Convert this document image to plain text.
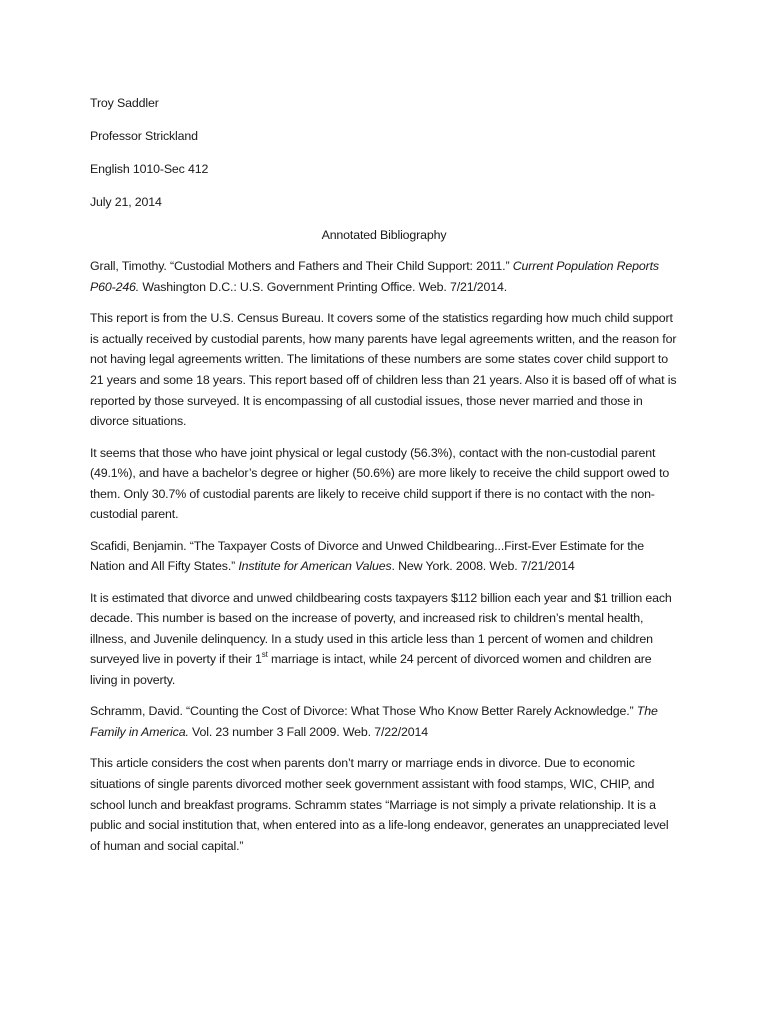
Troy Saddler

Professor Strickland

English 1010-Sec 412

July 21, 2014

Annotated Bibliography

Grall, Timothy. “Custodial Mothers and Fathers and Their Child Support: 2011.” Current Population Reports P60-246. Washington D.C.: U.S. Government Printing Office. Web. 7/21/2014.

This report is from the U.S. Census Bureau. It covers some of the statistics regarding how much child support is actually received by custodial parents, how many parents have legal agreements written, and the reason for not having legal agreements written. The limitations of these numbers are some states cover child support to 21 years and some 18 years. This report based off of children less than 21 years. Also it is based off of what is reported by those surveyed. It is encompassing of all custodial issues, those never married and those in divorce situations.

It seems that those who have joint physical or legal custody (56.3%), contact with the non-custodial parent (49.1%), and have a bachelor’s degree or higher (50.6%) are more likely to receive the child support owed to them. Only 30.7% of custodial parents are likely to receive child support if there is no contact with the non-custodial parent.

Scafidi, Benjamin. “The Taxpayer Costs of Divorce and Unwed Childbearing...First-Ever Estimate for the Nation and All Fifty States.” Institute for American Values. New York. 2008. Web. 7/21/2014

It is estimated that divorce and unwed childbearing costs taxpayers $112 billion each year and $1 trillion each decade. This number is based on the increase of poverty, and increased risk to children’s mental health, illness, and Juvenile delinquency. In a study used in this article less than 1 percent of women and children surveyed live in poverty if their 1st marriage is intact, while 24 percent of divorced women and children are living in poverty.

Schramm, David. “Counting the Cost of Divorce: What Those Who Know Better Rarely Acknowledge.” The Family in America. Vol. 23 number 3 Fall 2009. Web. 7/22/2014

This article considers the cost when parents don’t marry or marriage ends in divorce. Due to economic situations of single parents divorced mother seek government assistant with food stamps, WIC, CHIP, and school lunch and breakfast programs. Schramm states “Marriage is not simply a private relationship. It is a public and social institution that, when entered into as a life-long endeavor, generates an unappreciated level of human and social capital.”
